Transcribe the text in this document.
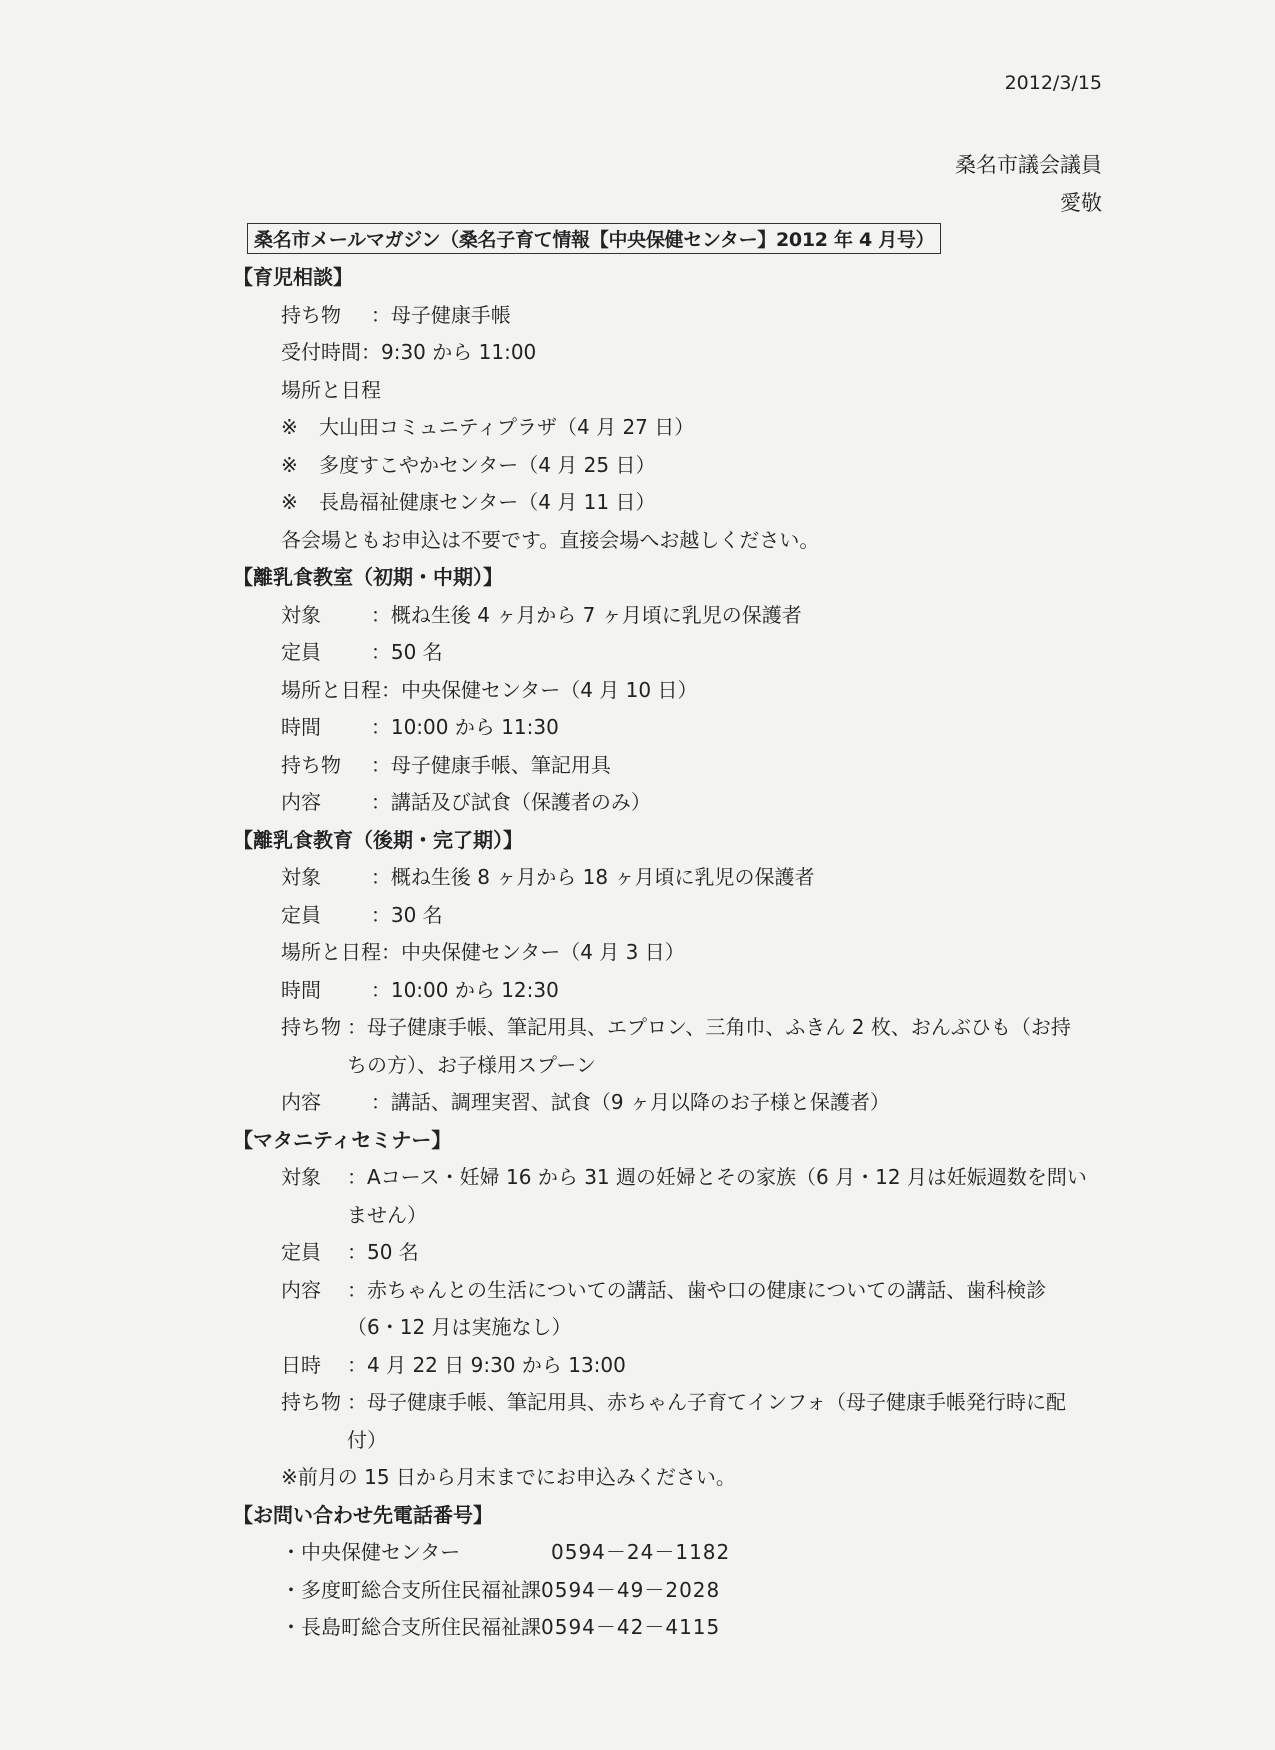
2012/3/15
桑名市議会議員
愛敬
桑名市メールマガジン（桑名子育て情報【中央保健センター】2012 年 4 月号）
【育児相談】
持ち物	：母子健康手帳
受付時間 ：9:30 から 11:00
場所と日程
※ 大山田コミュニティプラザ（4 月 27 日）
※ 多度すこやかセンター（4 月 25 日）
※ 長島福祉健康センター（4 月 11 日）
各会場ともお申込は不要です。直接会場へお越しください。
【離乳食教室（初期・中期）】
対象	：概ね生後 4 ヶ月から 7 ヶ月頃に乳児の保護者
定員	：50 名
場所と日程 ：中央保健センター（4 月 10 日）
時間	：10:00 から 11:30
持ち物	：母子健康手帳、筆記用具
内容	：講話及び試食（保護者のみ）
【離乳食教育（後期・完了期）】
対象	：概ね生後 8 ヶ月から 18 ヶ月頃に乳児の保護者
定員	：30 名
場所と日程 ：中央保健センター（4 月 3 日）
時間	：10:00 から 12:30
持ち物 ：母子健康手帳、筆記用具、エプロン、三角巾、ふきん 2 枚、おんぶひも（お持ちの方）、お子様用スプーン
内容	：講話、調理実習、試食（9 ヶ月以降のお子様と保護者）
【マタニティセミナー】
対象	：Aコース・妊婦 16 から 31 週の妊婦とその家族（6 月・12 月は妊娠週数を問いません）
定員	：50 名
内容	：赤ちゃんとの生活についての講話、歯や口の健康についての講話、歯科検診（6・12 月は実施なし）
日時	：4 月 22 日 9:30 から 13:00
持ち物 ：母子健康手帳、筆記用具、赤ちゃん子育てインフォ（母子健康手帳発行時に配付）
※前月の 15 日から月末までにお申込みください。
【お問い合わせ先電話番号】
・中央保健センター	0594－24－1182
・多度町総合支所住民福祉課0594－49－2028
・長島町総合支所住民福祉課0594－42－4115
